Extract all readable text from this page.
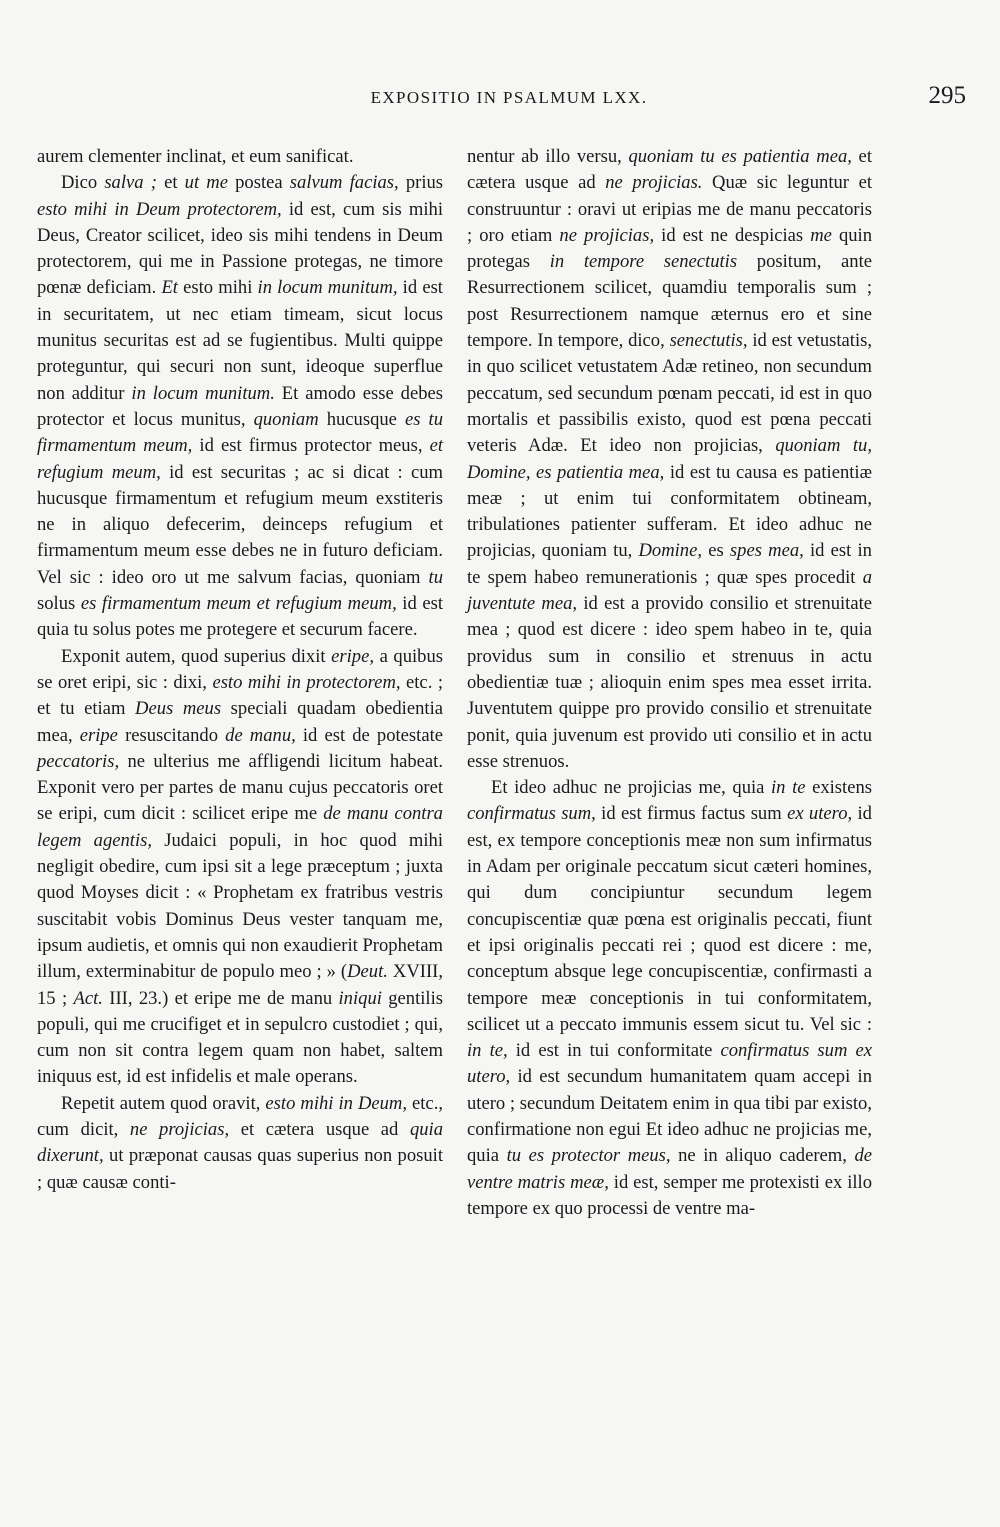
EXPOSITIO IN PSALMUM LXX.	295

aurem clementer inclinat, et eum sanificat.

Dico salva ; et ut me postea salvum facias, prius esto mihi in Deum protectorem, id est, cum sis mihi Deus, Creator scilicet, ideo sis mihi tendens in Deum protectorem, qui me in Passione protegas, ne timore pœnæ deficiam. Et esto mihi in locum munitum, id est in securitatem, ut nec etiam timeam, sicut locus munitus securitas est ad se fugientibus. Multi quippe proteguntur, qui securi non sunt, ideoque superflue non additur in locum munitum. Et amodo esse debes protector et locus munitus, quoniam hucusque es tu firmamentum meum, id est firmus protector meus, et refugium meum, id est securitas ; ac si dicat : cum hucusque firmamentum et refugium meum exstiteris ne in aliquo defecerim, deinceps refugium et firmamentum meum esse debes ne in futuro deficiam. Vel sic : ideo oro ut me salvum facias, quoniam tu solus es firmamentum meum et refugium meum, id est quia tu solus potes me protegere et securum facere.

Exponit autem, quod superius dixit eripe, a quibus se oret eripi, sic : dixi, esto mihi in protectorem, etc. ; et tu etiam Deus meus speciali quadam obedientia mea, eripe resuscitando de manu, id est de potestate peccatoris, ne ulterius me affligendi licitum habeat. Exponit vero per partes de manu cujus peccatoris oret se eripi, cum dicit : scilicet eripe me de manu contra legem agentis, Judaici populi, in hoc quod mihi negligit obedire, cum ipsi sit a lege præceptum ; juxta quod Moyses dicit : « Prophetam ex fratribus vestris suscitabit vobis Dominus Deus vester tanquam me, ipsum audietis, et omnis qui non exaudierit Prophetam illum, exterminabitur de populo meo ; » (Deut. XVIII, 15 ; Act. III, 23.) et eripe me de manu iniqui gentilis populi, qui me crucifiget et in sepulcro custodiet ; qui, cum non sit contra legem quam non habet, saltem iniquus est, id est infidelis et male operans.

Repetit autem quod oravit, esto mihi in Deum, etc., cum dicit, ne projicias, et cætera usque ad quia dixerunt, ut præponat causas quas superius non posuit ; quæ causæ conti-

nentur ab illo versu, quoniam tu es patientia mea, et cætera usque ad ne projicias. Quæ sic leguntur et construuntur : oravi ut eripias me de manu peccatoris ; oro etiam ne projicias, id est ne despicias me quin protegas in tempore senectutis positum, ante Resurrectionem scilicet, quamdiu temporalis sum ; post Resurrectionem namque æternus ero et sine tempore. In tempore, dico, senectutis, id est vetustatis, in quo scilicet vetustatem Adæ retineo, non secundum peccatum, sed secundum pœnam peccati, id est in quo mortalis et passibilis existo, quod est pœna peccati veteris Adæ. Et ideo non projicias, quoniam tu, Domine, es patientia mea, id est tu causa es patientiæ meæ ; ut enim tui conformitatem obtineam, tribulationes patienter sufferam. Et ideo adhuc ne projicias, quoniam tu, Domine, es spes mea, id est in te spem habeo remunerationis ; quæ spes procedit a juventute mea, id est a provido consilio et strenuitate mea ; quod est dicere : ideo spem habeo in te, quia providus sum in consilio et strenuus in actu obedientiæ tuæ ; alioquin enim spes mea esset irrita. Juventutem quippe pro provido consilio et strenuitate ponit, quia juvenum est provido uti consilio et in actu esse strenuos.

Et ideo adhuc ne projicias me, quia in te existens confirmatus sum, id est firmus factus sum ex utero, id est, ex tempore conceptionis meæ non sum infirmatus in Adam per originale peccatum sicut cæteri homines, qui dum concipiuntur secundum legem concupiscentiæ quæ pœna est originalis peccati, fiunt et ipsi originalis peccati rei ; quod est dicere : me, conceptum absque lege concupiscentiæ, confirmasti a tempore meæ conceptionis in tui conformitatem, scilicet ut a peccato immunis essem sicut tu. Vel sic : in te, id est in tui conformitate confirmatus sum ex utero, id est secundum humanitatem quam accepi in utero ; secundum Deitatem enim in qua tibi par existo, confirmatione non egui Et ideo adhuc ne projicias me, quia tu es protector meus, ne in aliquo caderem, de ventre matris meæ, id est, semper me protexisti ex illo tempore ex quo processi de ventre ma-
